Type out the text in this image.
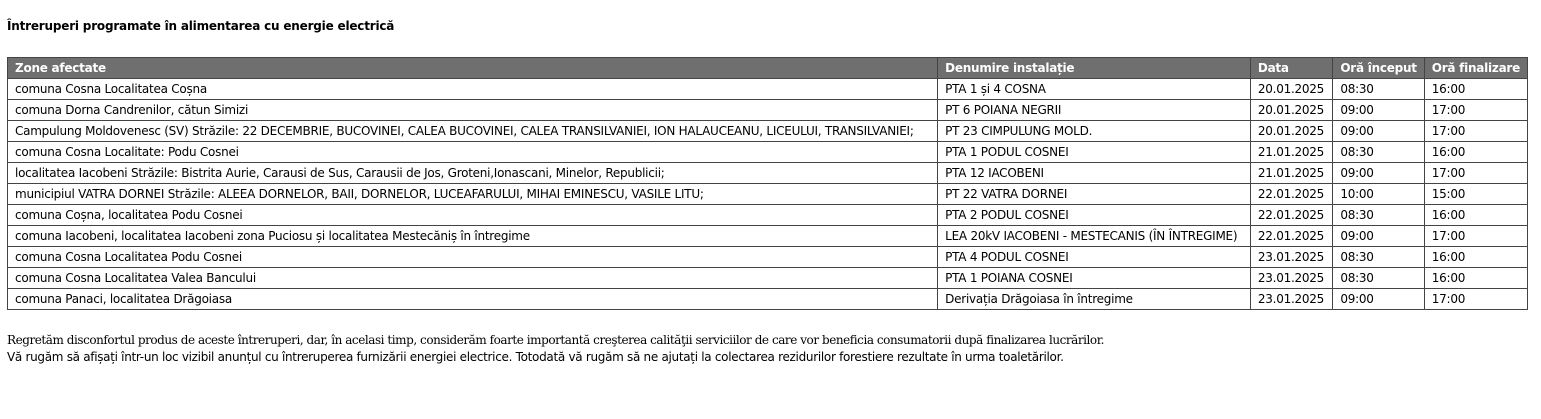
Întreruperi programate în alimentarea cu energie electrică
Zone afectate	Denumire instalație	Data	Oră început	Oră finalizare
comuna Cosna Localitatea Coșna	PTA 1 și 4 COSNA	20.01.2025	08:30	16:00
comuna Dorna Candrenilor, cătun Simizi	PT 6 POIANA NEGRII	20.01.2025	09:00	17:00
Campulung Moldovenesc (SV) Străzile: 22 DECEMBRIE, BUCOVINEI, CALEA BUCOVINEI, CALEA TRANSILVANIEI, ION HALAUCEANU, LICEULUI, TRANSILVANIEI;	PT 23 CIMPULUNG MOLD.	20.01.2025	09:00	17:00
comuna Cosna Localitate: Podu Cosnei	PTA 1 PODUL COSNEI	21.01.2025	08:30	16:00
localitatea Iacobeni Străzile: Bistrita Aurie, Carausi de Sus, Carausii de Jos, Groteni,Ionascani, Minelor, Republicii;	PTA 12 IACOBENI	21.01.2025	09:00	17:00
municipiul VATRA DORNEI Străzile: ALEEA DORNELOR, BAII, DORNELOR, LUCEAFARULUI, MIHAI EMINESCU, VASILE LITU;	PT 22 VATRA DORNEI	22.01.2025	10:00	15:00
comuna Coșna, localitatea Podu Cosnei	PTA 2 PODUL COSNEI	22.01.2025	08:30	16:00
comuna Iacobeni, localitatea Iacobeni zona Puciosu și localitatea Mestecăniș în întregime	LEA 20kV IACOBENI - MESTECANIS (ÎN ÎNTREGIME)	22.01.2025	09:00	17:00
comuna Cosna Localitatea Podu Cosnei	PTA 4 PODUL COSNEI	23.01.2025	08:30	16:00
comuna Cosna Localitatea Valea Bancului	PTA 1 POIANA COSNEI	23.01.2025	08:30	16:00
comuna Panaci, localitatea Drăgoiasa	Derivația Drăgoiasa în întregime	23.01.2025	09:00	17:00

Regretăm disconfortul produs de aceste întreruperi, dar, în acelasi timp, considerăm foarte importantă creşterea calităţii serviciilor de care vor beneficia consumatorii după finalizarea lucrărilor.

Vă rugăm să afișați într-un loc vizibil anunțul cu întreruperea furnizării energiei electrice. Totodată vă rugăm să ne ajutați la colectarea rezidurilor forestiere rezultate în urma toaletărilor.
